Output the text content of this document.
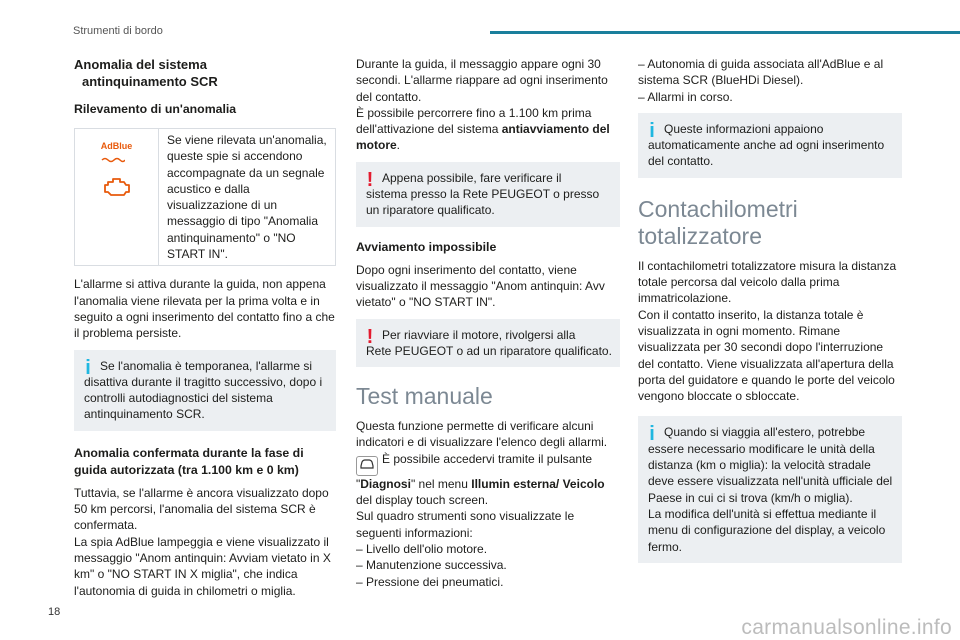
Strumenti di bordo
Anomalia del sistema
antinquinamento SCR
Rilevamento di un'anomalia
AdBlue	Se viene rilevata un'anomalia, queste spie si accendono accompagnate da un segnale acustico e dalla visualizzazione di un messaggio di tipo "Anomalia antinquinamento" o "NO START IN".

L'allarme si attiva durante la guida, non appena l'anomalia viene rilevata per la prima volta e in seguito a ogni inserimento del contatto fino a che il problema persiste.

i Se l'anomalia è temporanea, l'allarme si

disattiva durante il tragitto successivo, dopo i controlli autodiagnostici del sistema antinquinamento SCR.

Anomalia confermata durante la fase di guida autorizzata (tra 1.100 km e 0 km)

Tuttavia, se l'allarme è ancora visualizzato dopo 50 km percorsi, l'anomalia del sistema SCR è confermata.

La spia AdBlue lampeggia e viene visualizzato il messaggio "Anom antinquin: Avviam vietato in X km" o "NO START IN X miglia", che indica l'autonomia di guida in chilometri o miglia.

Durante la guida, il messaggio appare ogni 30 secondi. L'allarme riappare ad ogni inserimento del contatto.

È possibile percorrere fino a 1.100 km prima dell'attivazione del sistema antiavviamento del motore.

! Appena possibile, fare verificare il

sistema presso la Rete PEUGEOT o presso un riparatore qualificato.

Avviamento impossibile

Dopo ogni inserimento del contatto, viene visualizzato il messaggio "Anom antinquin: Avv vietato" o "NO START IN".

! Per riavviare il motore, rivolgersi alla

Rete PEUGEOT o ad un riparatore qualificato.

Test manuale

Questa funzione permette di verificare alcuni indicatori e di visualizzare l'elenco degli allarmi.

È possibile accedervi tramite il pulsante "Diagnosi" nel menu Illumin esterna/ Veicolo del display touch screen.

Sul quadro strumenti sono visualizzate le seguenti informazioni:

– Livello dell'olio motore.

– Manutenzione successiva.

– Pressione dei pneumatici.

– Autonomia di guida associata all'AdBlue e al sistema SCR (BlueHDi Diesel).

– Allarmi in corso.

i Queste informazioni appaiono

automaticamente anche ad ogni inserimento del contatto.

Contachilometri
totalizzatore

Il contachilometri totalizzatore misura la distanza totale percorsa dal veicolo dalla prima immatricolazione.

Con il contatto inserito, la distanza totale è visualizzata in ogni momento. Rimane visualizzata per 30 secondi dopo l'interruzione del contatto. Viene visualizzata all'apertura della porta del guidatore e quando le porte del veicolo vengono bloccate o sbloccate.

i Quando si viaggia all'estero, potrebbe

essere necessario modificare le unità della distanza (km o miglia): la velocità stradale deve essere visualizzata nell'unità ufficiale del Paese in cui ci si trova (km/h o miglia).

La modifica dell'unità si effettua mediante il menu di configurazione del display, a veicolo fermo.

18
carmanualsonline.info
